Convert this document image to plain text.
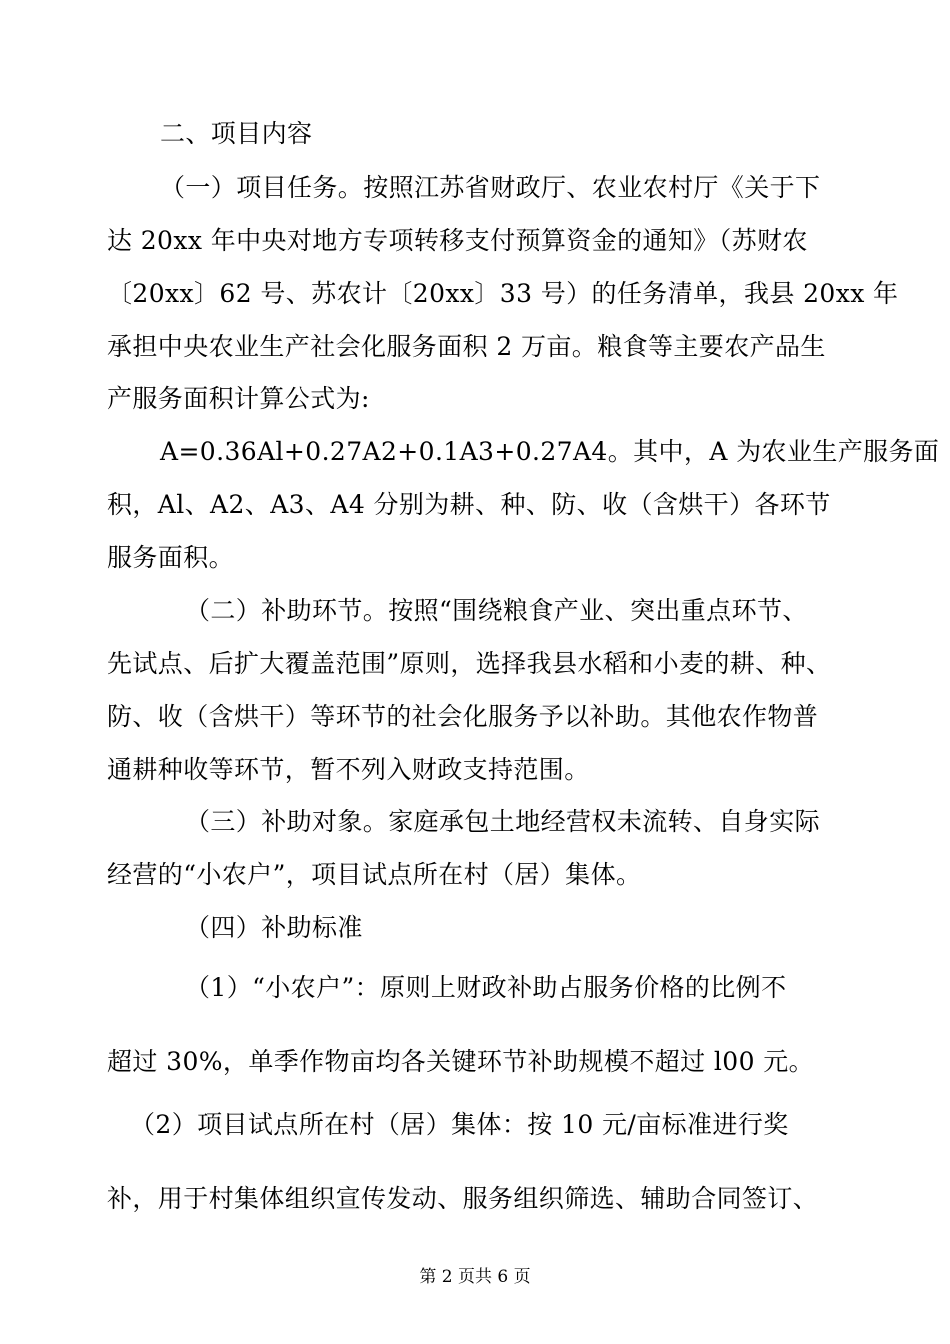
二、项目内容
（一）项目任务。按照江苏省财政厅、农业农村厅《关于下
达 20xx 年中央对地方专项转移支付预算资金的通知》（苏财农
〔20xx〕62 号、苏农计〔20xx〕33 号）的任务清单，我县 20xx 年
承担中央农业生产社会化服务面积 2 万亩。粮食等主要农产品生
产服务面积计算公式为:
A=0.36Al+0.27A2+0.1A3+0.27A4。其中，A 为农业生产服务面
积，Al、A2、A3、A4 分别为耕、种、防、收（含烘干）各环节
服务面积。
（二）补助环节。按照“围绕粮食产业、突出重点环节、
先试点、后扩大覆盖范围”原则，选择我县水稻和小麦的耕、种、
防、收（含烘干）等环节的社会化服务予以补助。其他农作物普
通耕种收等环节，暂不列入财政支持范围。
（三）补助对象。家庭承包土地经营权未流转、自身实际
经营的“小农户”，项目试点所在村（居）集体。
（四）补助标准
（1）“小农户”：原则上财政补助占服务价格的比例不
超过 30%，单季作物亩均各关键环节补助规模不超过 l00 元。
（2）项目试点所在村（居）集体：按 10 元/亩标准进行奖
补，用于村集体组织宣传发动、服务组织筛选、辅助合同签订、
第 2 页共 6 页
